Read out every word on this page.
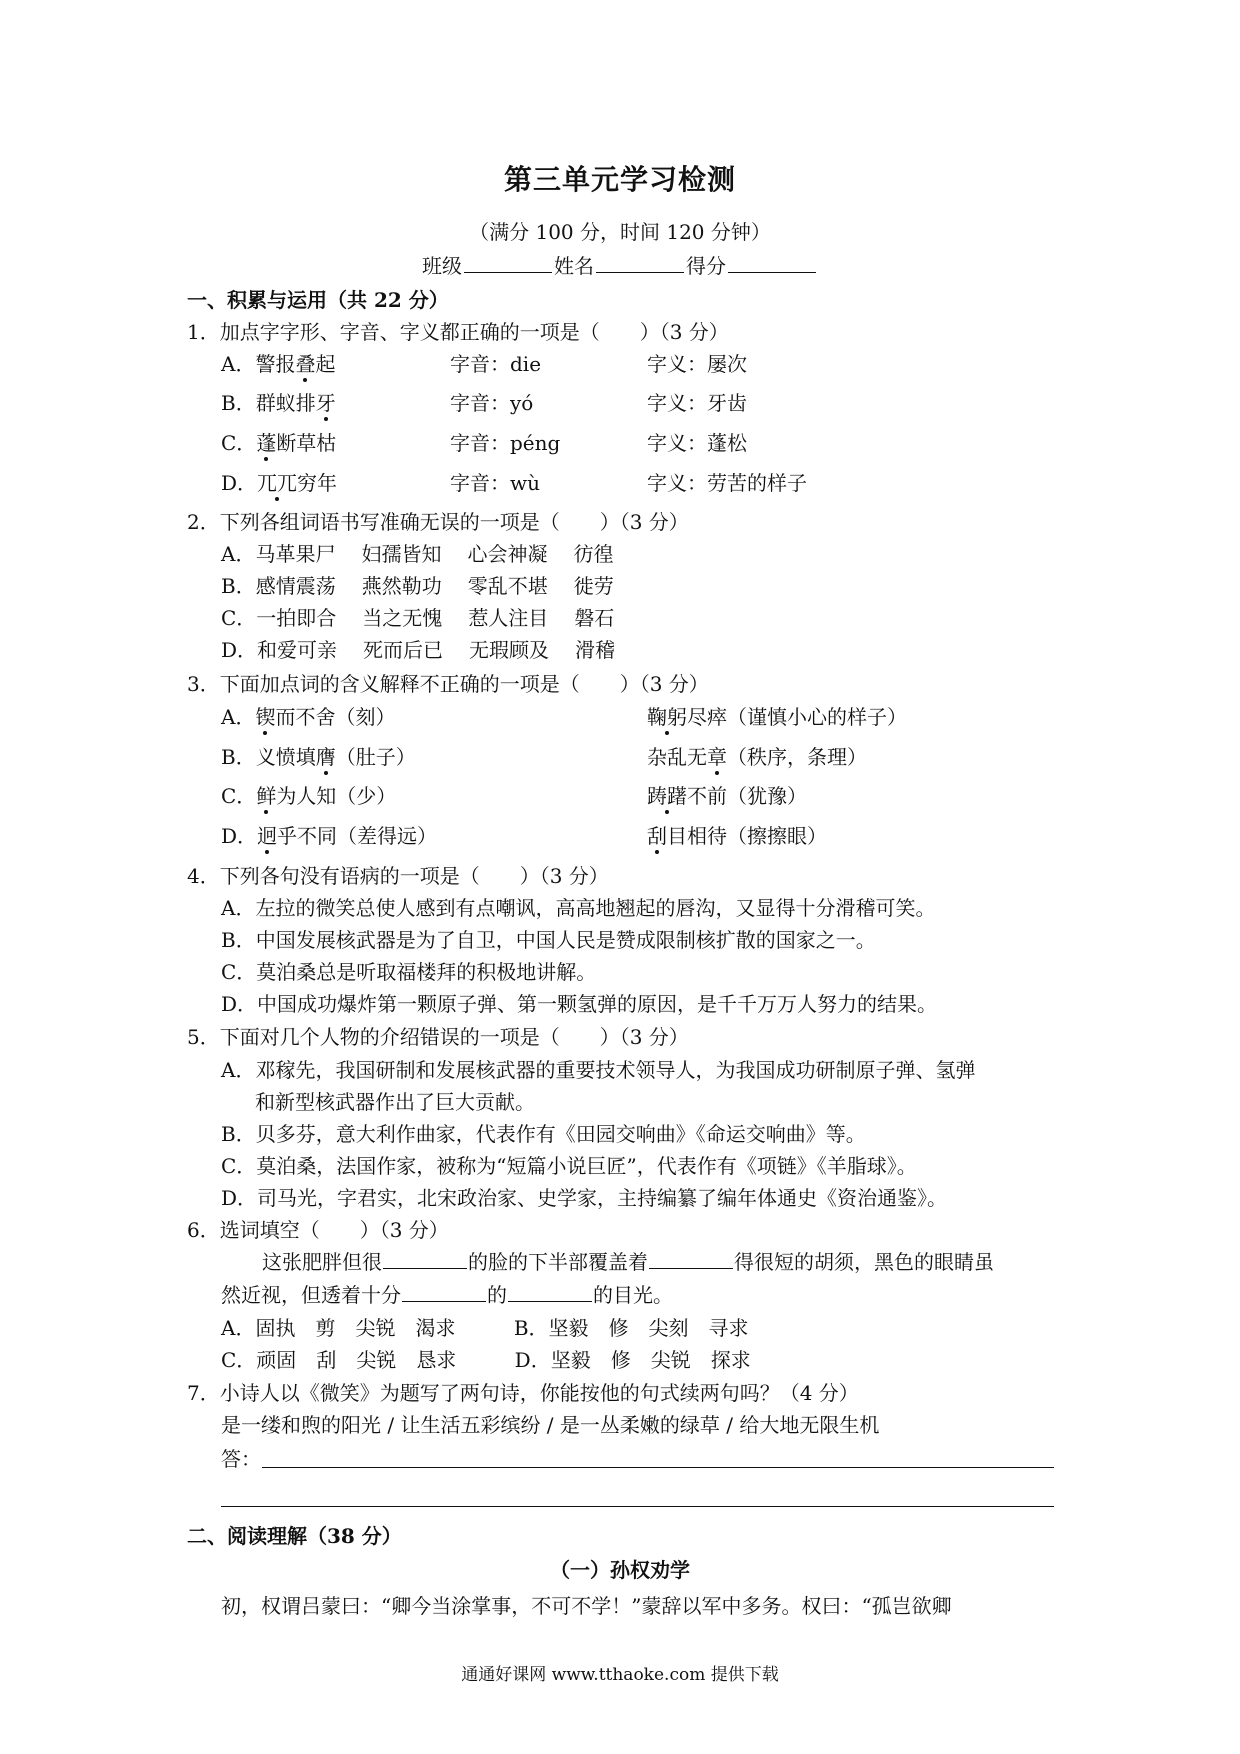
第三单元学习检测
（满分 100 分，时间 120 分钟）
班级	姓名	得分
一、积累与运用（共 22 分）
1．加点字字形、字音、字义都正确的一项是（　　）（3 分）
A．警报叠起	字音：die	字义：屡次
B．群蚁排牙	字音：yó	字义：牙齿
C．蓬断草枯	字音：péng	字义：蓬松
D．兀兀穷年	字音：wù	字义：劳苦的样子
2．下列各组词语书写准确无误的一项是（　　）（3 分）
A．马革果尸 妇孺皆知 心会神凝 彷徨
B．感情震荡 燕然勒功 零乱不堪 徙劳
C．一拍即合 当之无愧 惹人注目 磐石
D．和爱可亲 死而后已 无瑕顾及 滑稽
3．下面加点词的含义解释不正确的一项是（　　）（3 分）
A．锲而不舍（刻）	鞠躬尽瘁（谨慎小心的样子）
B．义愤填膺（肚子）	杂乱无章（秩序，条理）
C．鲜为人知（少）	踌躇不前（犹豫）
D．迥乎不同（差得远）	刮目相待（擦擦眼）
4．下列各句没有语病的一项是（　　）（3 分）
A．左拉的微笑总使人感到有点嘲讽，高高地翘起的唇沟，又显得十分滑稽可笑。
B．中国发展核武器是为了自卫，中国人民是赞成限制核扩散的国家之一。
C．莫泊桑总是听取福楼拜的积极地讲解。
D．中国成功爆炸第一颗原子弹、第一颗氢弹的原因，是千千万万人努力的结果。
5．下面对几个人物的介绍错误的一项是（　　）（3 分）
A．邓稼先，我国研制和发展核武器的重要技术领导人，为我国成功研制原子弹、氢弹
和新型核武器作出了巨大贡献。
B．贝多芬，意大利作曲家，代表作有《田园交响曲》《命运交响曲》等。
C．莫泊桑，法国作家，被称为“短篇小说巨匠”，代表作有《项链》《羊脂球》。
D．司马光，字君实，北宋政治家、史学家，主持编纂了编年体通史《资治通鉴》。
6．选词填空（　　）（3 分）
这张肥胖但很	的脸的下半部覆盖着	得很短的胡须，黑色的眼睛虽
然近视，但透着十分	的	的目光。
A．固执 剪 尖锐 渴求	B．坚毅 修 尖刻 寻求
C．顽固 刮 尖锐 恳求	D．坚毅 修 尖锐 探求
7．小诗人以《微笑》为题写了两句诗，你能按他的句式续两句吗？（4 分）
是一缕和煦的阳光 / 让生活五彩缤纷 / 是一丛柔嫩的绿草 / 给大地无限生机
答：
二、阅读理解（38 分）
（一）孙权劝学
初，权谓吕蒙曰：“卿今当涂掌事，不可不学！”蒙辞以军中多务。权曰：“孤岂欲卿
通通好课网 www.tthaoke.com 提供下载
